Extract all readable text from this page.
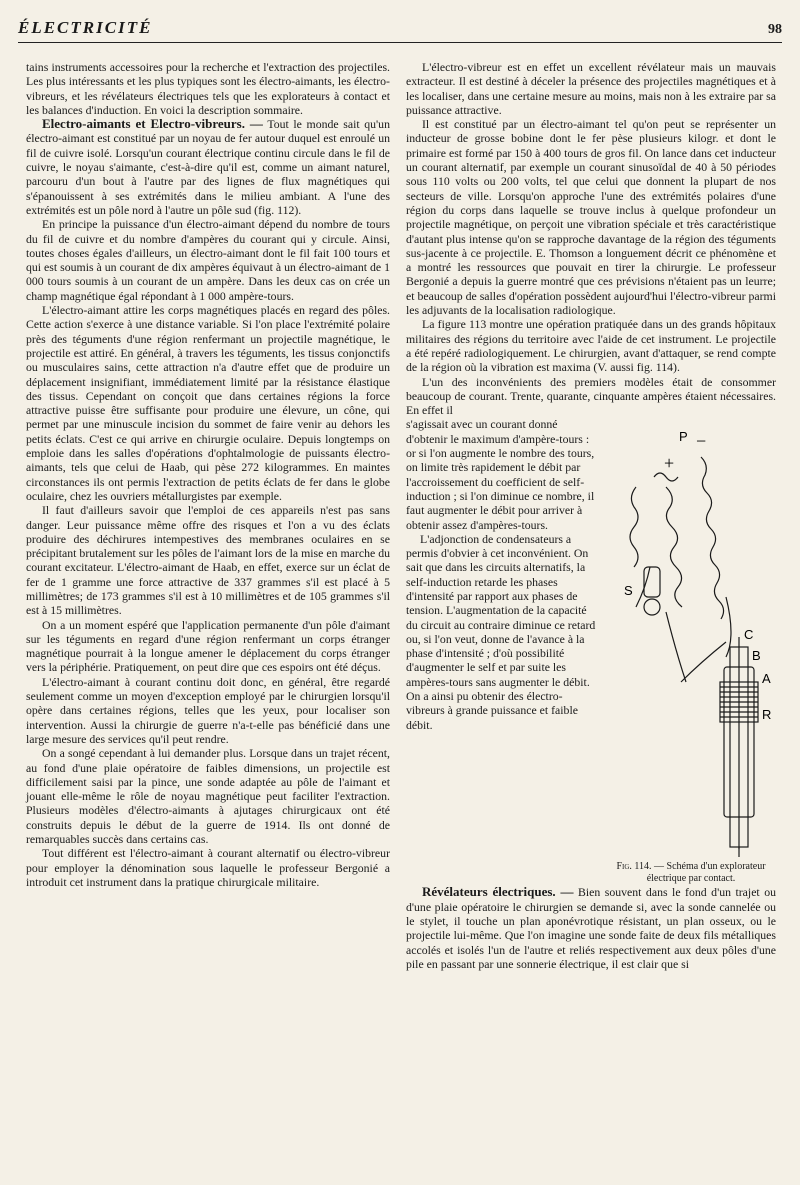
ÉLECTRICITÉ	98

tains instruments accessoires pour la recherche et l'extraction des projectiles. Les plus intéressants et les plus typiques sont les électro-aimants, les électro-vibreurs, et les révélateurs électriques tels que les explorateurs à contact et les balances d'induction. En voici la description sommaire.

Electro-aimants et Electro-vibreurs. — Tout le monde sait qu'un électro-aimant est constitué par un noyau de fer autour duquel est enroulé un fil de cuivre isolé. Lorsqu'un courant électrique continu circule dans le fil de cuivre, le noyau s'aimante, c'est-à-dire qu'il est, comme un aimant naturel, parcouru d'un bout à l'autre par des lignes de flux magnétiques qui s'épanouissent à ses extrémités dans le milieu ambiant. A l'une des extrémités est un pôle nord à l'autre un pôle sud (fig. 112).

En principe la puissance d'un électro-aimant dépend du nombre de tours du fil de cuivre et du nombre d'ampères du courant qui y circule. Ainsi, toutes choses égales d'ailleurs, un électro-aimant dont le fil fait 100 tours et qui est soumis à un courant de dix ampères équivaut à un électro-aimant de 1 000 tours soumis à un courant de un ampère. Dans les deux cas on crée un champ magnétique égal répondant à 1 000 ampère-tours.

L'électro-aimant attire les corps magnétiques placés en regard des pôles. Cette action s'exerce à une distance variable. Si l'on place l'extrémité polaire près des téguments d'une région renfermant un projectile magnétique, le projectile est attiré. En général, à travers les téguments, les tissus conjonctifs ou musculaires sains, cette attraction n'a d'autre effet que de produire un déplacement insignifiant, immédiatement limité par la résistance élastique des tissus. Cependant on conçoit que dans certaines régions la force attractive puisse être suffisante pour produire une élevure, un cône, qui permet par une minuscule incision du sommet de faire venir au dehors les petits éclats. C'est ce qui arrive en chirurgie oculaire. Depuis longtemps on emploie dans les salles d'opérations d'ophtalmologie de puissants électro-aimants, tels que celui de Haab, qui pèse 272 kilogrammes. En maintes circonstances ils ont permis l'extraction de petits éclats de fer dans le globe oculaire, chez les ouvriers métallurgistes par exemple.

Il faut d'ailleurs savoir que l'emploi de ces appareils n'est pas sans danger. Leur puissance même offre des risques et l'on a vu des éclats produire des déchirures intempestives des membranes oculaires en se précipitant brutalement sur les pôles de l'aimant lors de la mise en marche du courant excitateur. L'électro-aimant de Haab, en effet, exerce sur un éclat de fer de 1 gramme une force attractive de 337 grammes s'il est placé à 5 millimètres; de 173 grammes s'il est à 10 millimètres et de 105 grammes s'il est à 15 millimètres.

On a un moment espéré que l'application permanente d'un pôle d'aimant sur les téguments en regard d'une région renfermant un corps étranger magnétique pourrait à la longue amener le déplacement du corps étranger vers la périphérie. Pratiquement, on peut dire que ces espoirs ont été déçus.

L'électro-aimant à courant continu doit donc, en général, être regardé seulement comme un moyen d'exception employé par le chirurgien lorsqu'il opère dans certaines régions, telles que les yeux, pour localiser son intervention. Aussi la chirurgie de guerre n'a-t-elle pas bénéficié dans une large mesure des services qu'il peut rendre.

On a songé cependant à lui demander plus. Lorsque dans un trajet récent, au fond d'une plaie opératoire de faibles dimensions, un projectile est difficilement saisi par la pince, une sonde adaptée au pôle de l'aimant et jouant elle-même le rôle de noyau magnétique peut faciliter l'extraction. Plusieurs modèles d'électro-aimants à ajutages chirurgicaux ont été construits depuis le début de la guerre de 1914. Ils ont donné de remarquables succès dans certains cas.

Tout différent est l'électro-aimant à courant alternatif ou électro-vibreur pour employer la dénomination sous laquelle le professeur Bergonié a introduit cet instrument dans la pratique chirurgicale militaire.

L'électro-vibreur est en effet un excellent révélateur mais un mauvais extracteur. Il est destiné à déceler la présence des projectiles magnétiques et à les localiser, dans une certaine mesure au moins, mais non à les extraire par sa puissance attractive.

Il est constitué par un électro-aimant tel qu'on peut se représenter un inducteur de grosse bobine dont le fer pèse plusieurs kilogr. et dont le primaire est formé par 150 à 400 tours de gros fil. On lance dans cet inducteur un courant alternatif, par exemple un courant sinusoïdal de 40 à 50 périodes sous 110 volts ou 200 volts, tel que celui que donnent la plupart de nos secteurs de ville. Lorsqu'on approche l'une des extrémités polaires d'une région du corps dans laquelle se trouve inclus à quelque profondeur un projectile magnétique, on perçoit une vibration spéciale et très caractéristique d'autant plus intense qu'on se rapproche davantage de la région des téguments sus-jacente à ce projectile. E. Thomson a longuement décrit ce phénomène et a montré les ressources que pouvait en tirer la chirurgie. Le professeur Bergonié a depuis la guerre montré que ces prévisions n'étaient pas un leurre; et beaucoup de salles d'opération possèdent aujourd'hui l'électro-vibreur parmi les adjuvants de la localisation radiologique.

La figure 113 montre une opération pratiquée dans un des grands hôpitaux militaires des régions du territoire avec l'aide de cet instrument. Le projectile a été repéré radiologiquement. Le chirurgien, avant d'attaquer, se rend compte de la région où la vibration est maxima (V. aussi fig. 114).

L'un des inconvénients des premiers modèles était de consommer beaucoup de courant. Trente, quarante, cinquante ampères étaient nécessaires. En effet il

s'agissait avec un courant donné d'obtenir le maximum d'ampère-tours : or si l'on augmente le nombre des tours, on limite très rapidement le débit par l'accroissement du coefficient de self-induction ; si l'on diminue ce nombre, il faut augmenter le débit pour arriver à obtenir assez d'ampères-tours.

L'adjonction de condensateurs a permis d'obvier à cet inconvénient. On sait que dans les circuits alternatifs, la self-induction retarde les phases d'intensité par rapport aux phases de tension. L'augmentation de la capacité du circuit au contraire diminue ce retard ou, si l'on veut, donne de l'avance à la phase d'intensité ; d'où possibilité d'augmenter le self et par suite les ampères-tours sans augmenter le débit. On a ainsi pu obtenir des électro-vibreurs à grande puissance et faible débit.

+
−
P
S
C
B
A
R
Fig. 114. — Schéma d'un explorateur électrique par contact.

Révélateurs électriques. — Bien souvent dans le fond d'un trajet ou d'une plaie opératoire le chirurgien se demande si, avec la sonde cannelée ou le stylet, il touche un plan aponévrotique résistant, un plan osseux, ou le projectile lui-même. Que l'on imagine une sonde faite de deux fils métalliques accolés et isolés l'un de l'autre et reliés respectivement aux deux pôles d'une pile en passant par une sonnerie électrique, il est clair que si
